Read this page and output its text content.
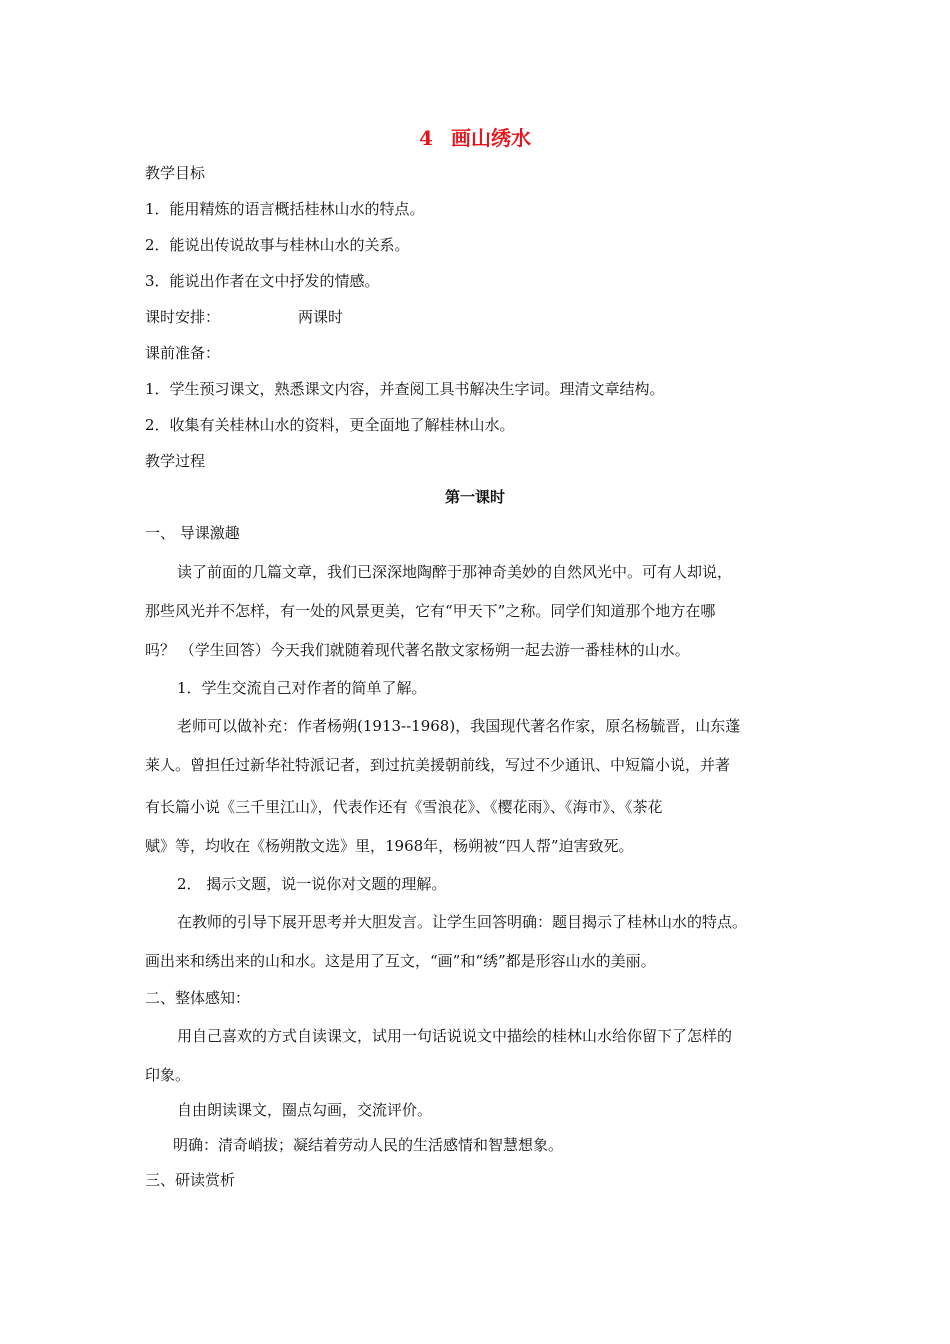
4 画山绣水
教学目标
1．能用精炼的语言概括桂林山水的特点。
2．能说出传说故事与桂林山水的关系。
3．能说出作者在文中抒发的情感。
课时安排：	两课时
课前准备：
1．学生预习课文，熟悉课文内容，并查阅工具书解决生字词。理清文章结构。
2．收集有关桂林山水的资料，更全面地了解桂林山水。
教学过程
第一课时
一、 导课激趣
读了前面的几篇文章，我们已深深地陶醉于那神奇美妙的自然风光中。可有人却说，
那些风光并不怎样，有一处的风景更美，它有“甲天下”之称。同学们知道那个地方在哪
吗？ （学生回答）今天我们就随着现代著名散文家杨朔一起去游一番桂林的山水。
1．学生交流自己对作者的简单了解。
老师可以做补充：作者杨朔(1913--1968)，我国现代著名作家，原名杨毓晋，山东蓬
莱人。曾担任过新华社特派记者，到过抗美援朝前线，写过不少通讯、中短篇小说，并著
有长篇小说《三千里江山》，代表作还有《雪浪花》、《樱花雨》、《海市》、《茶花
赋》等，均收在《杨朔散文选》里，1968年，杨朔被“四人帮”迫害致死。
2． 揭示文题，说一说你对文题的理解。
在教师的引导下展开思考并大胆发言。让学生回答明确：题目揭示了桂林山水的特点。
画出来和绣出来的山和水。这是用了互文，“画”和“绣”都是形容山水的美丽。
二、整体感知：
用自己喜欢的方式自读课文，试用一句话说说文中描绘的桂林山水给你留下了怎样的
印象。
自由朗读课文，圈点勾画，交流评价。
明确：清奇峭拔；凝结着劳动人民的生活感情和智慧想象。
三、研读赏析
